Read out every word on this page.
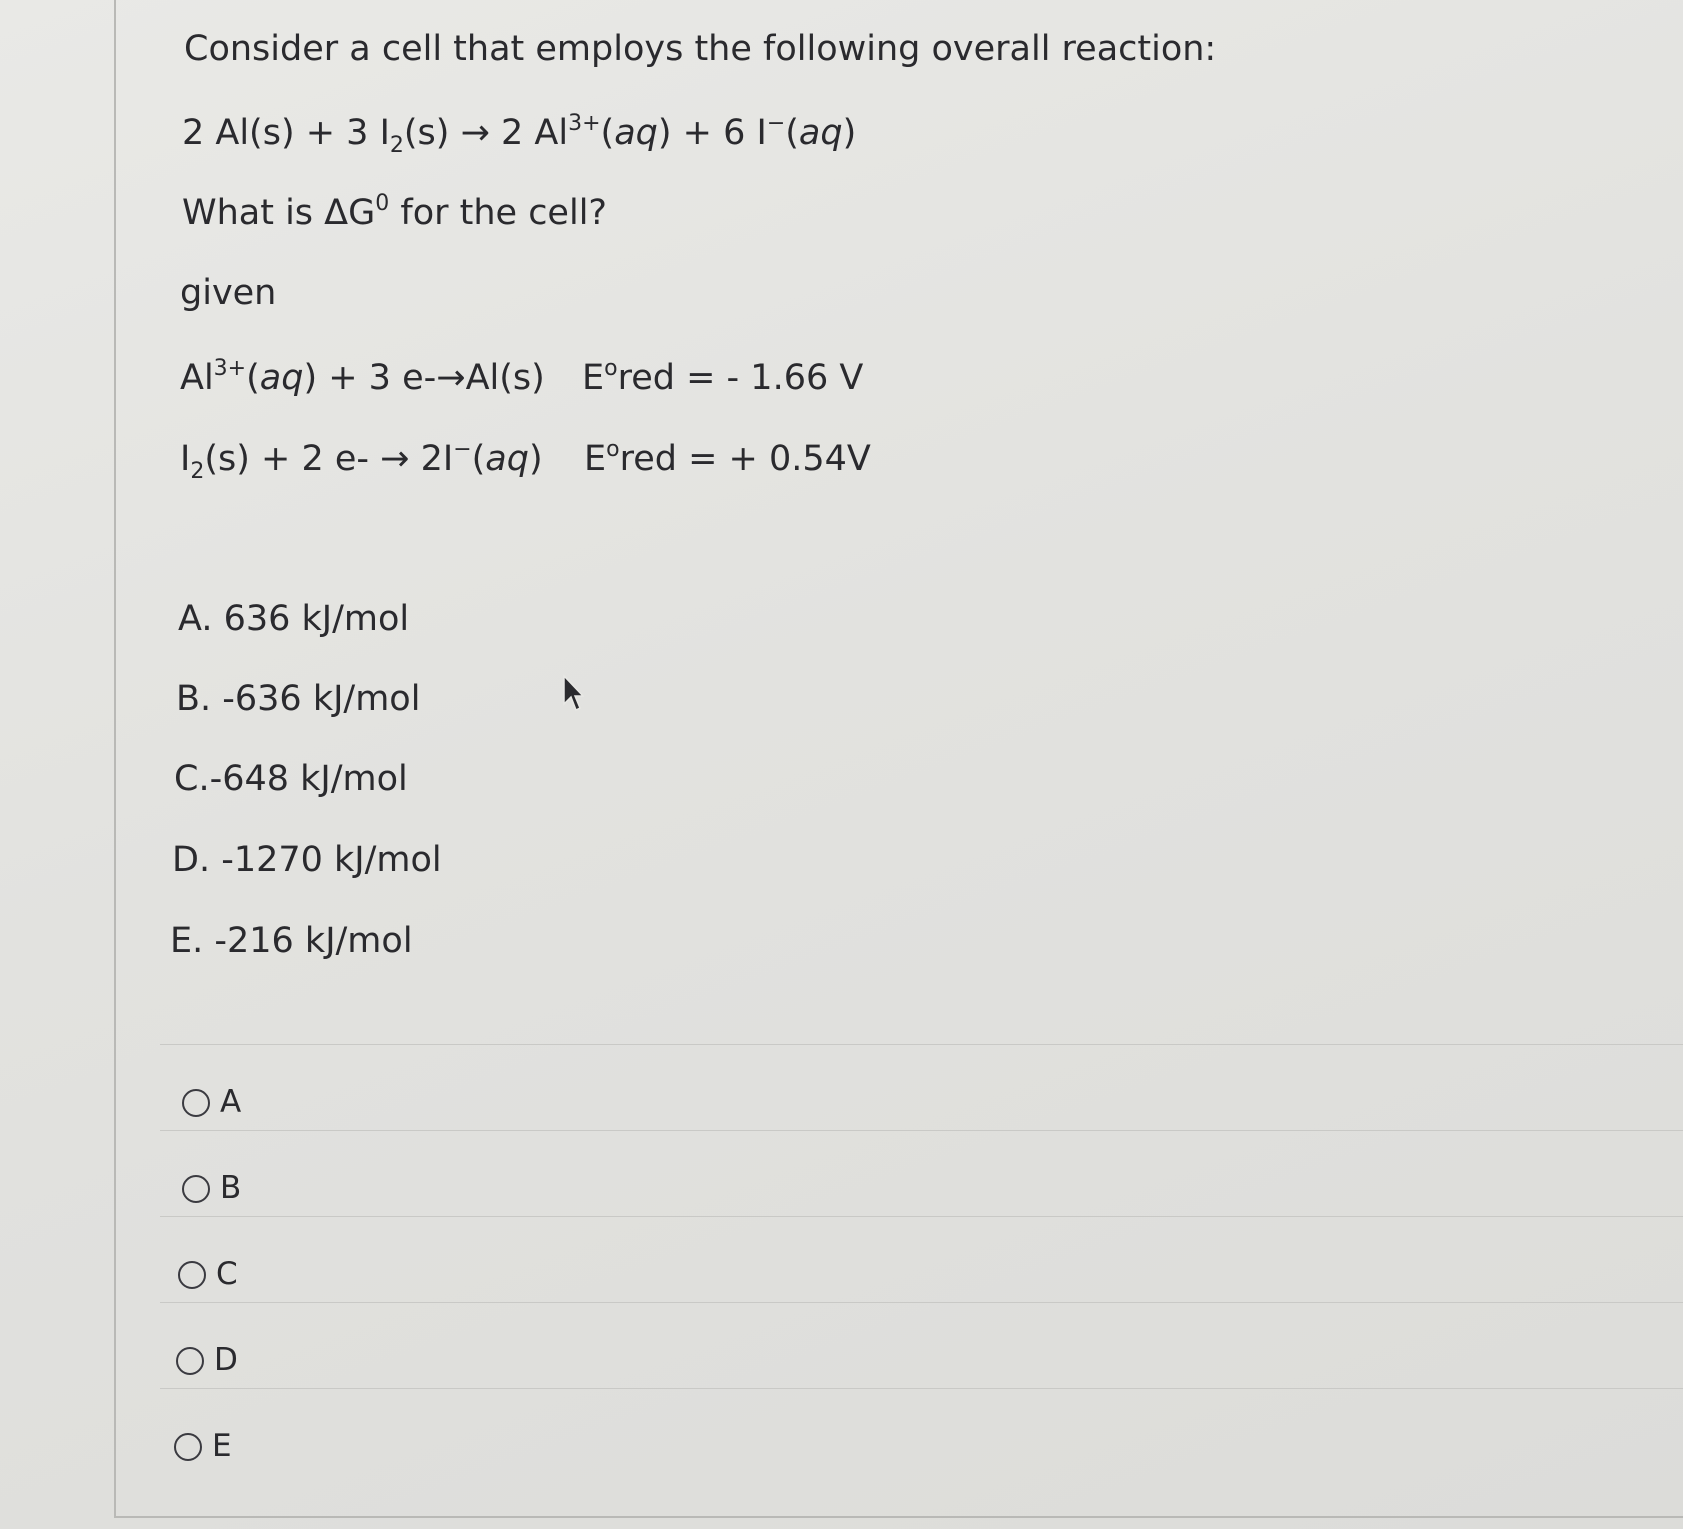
Consider a cell that employs the following overall reaction:
2 Al(s) + 3 $I_2(s) \to 2$ $Al^{3+}(aq) + 6$ I−(aq)
What is $\Delta G^0$ for the cell?
given
$Al^{3+}(aq) + 3$ e-→Al(s) $E^ored$ = - 1.66 V
$I_2(s) + 2$ e- → 2I−(aq) $E^ored$ = + 0.54V
A. 636 kJ/mol
B. -636 kJ/mol
C.-648 kJ/mol
D. -1270 kJ/mol
E. -216 kJ/mol
A
B
C
D
E
